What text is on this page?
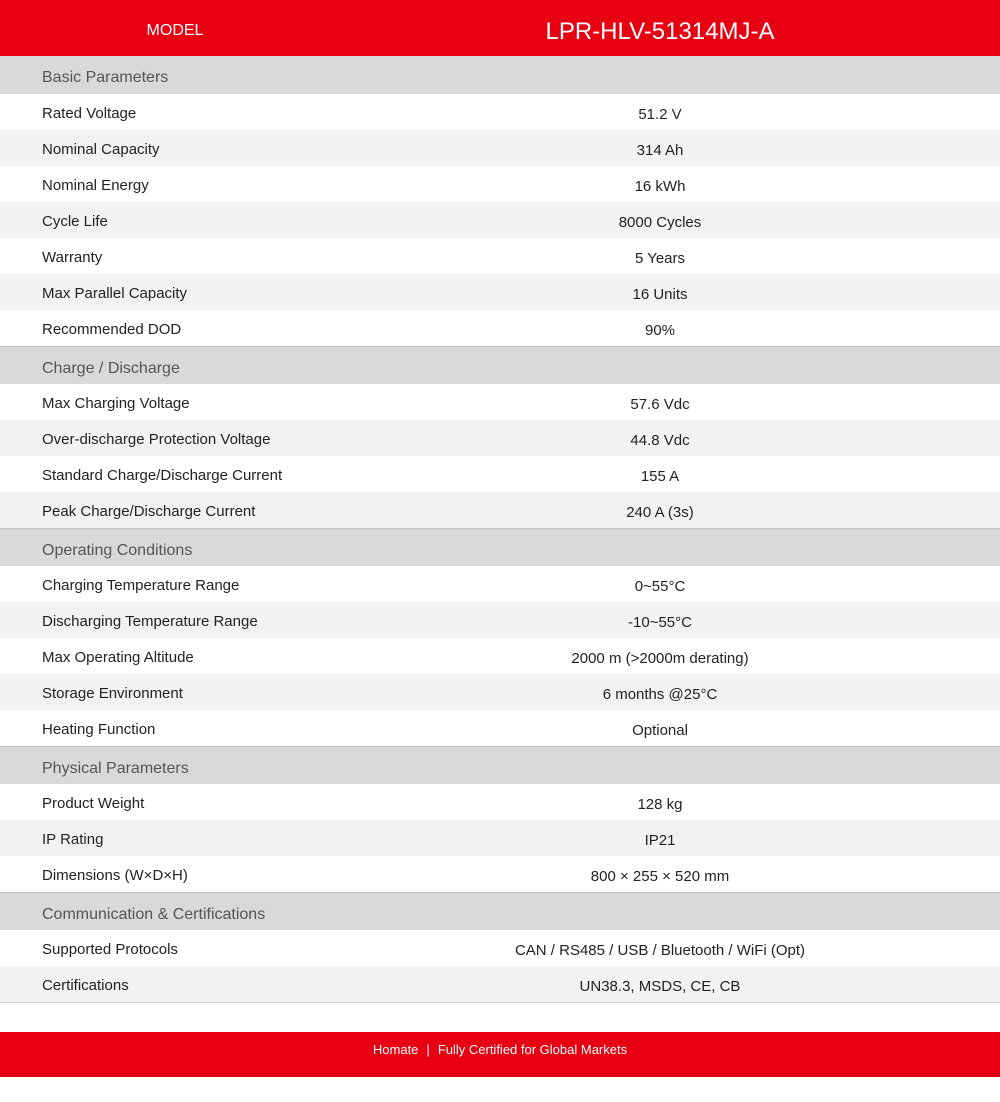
MODEL	LPR-HLV-51314MJ-A
Basic Parameters
Rated Voltage	51.2 V
Nominal Capacity	314 Ah
Nominal Energy	16 kWh
Cycle Life	8000 Cycles
Warranty	5 Years
Max Parallel Capacity	16 Units
Recommended DOD	90%
Charge / Discharge
Max Charging Voltage	57.6 Vdc
Over-discharge Protection Voltage	44.8 Vdc
Standard Charge/Discharge Current	155 A
Peak Charge/Discharge Current	240 A (3s)
Operating Conditions
Charging Temperature Range	0~55°C
Discharging Temperature Range	-10~55°C
Max Operating Altitude	2000 m (>2000m derating)
Storage Environment	6 months @25°C
Heating Function	Optional
Physical Parameters
Product Weight	128 kg
IP Rating	IP21
Dimensions (W×D×H)	800 × 255 × 520 mm
Communication & Certifications
Supported Protocols	CAN / RS485 / USB / Bluetooth / WiFi (Opt)
Certifications	UN38.3, MSDS, CE, CB
Homate | Fully Certified for Global Markets
